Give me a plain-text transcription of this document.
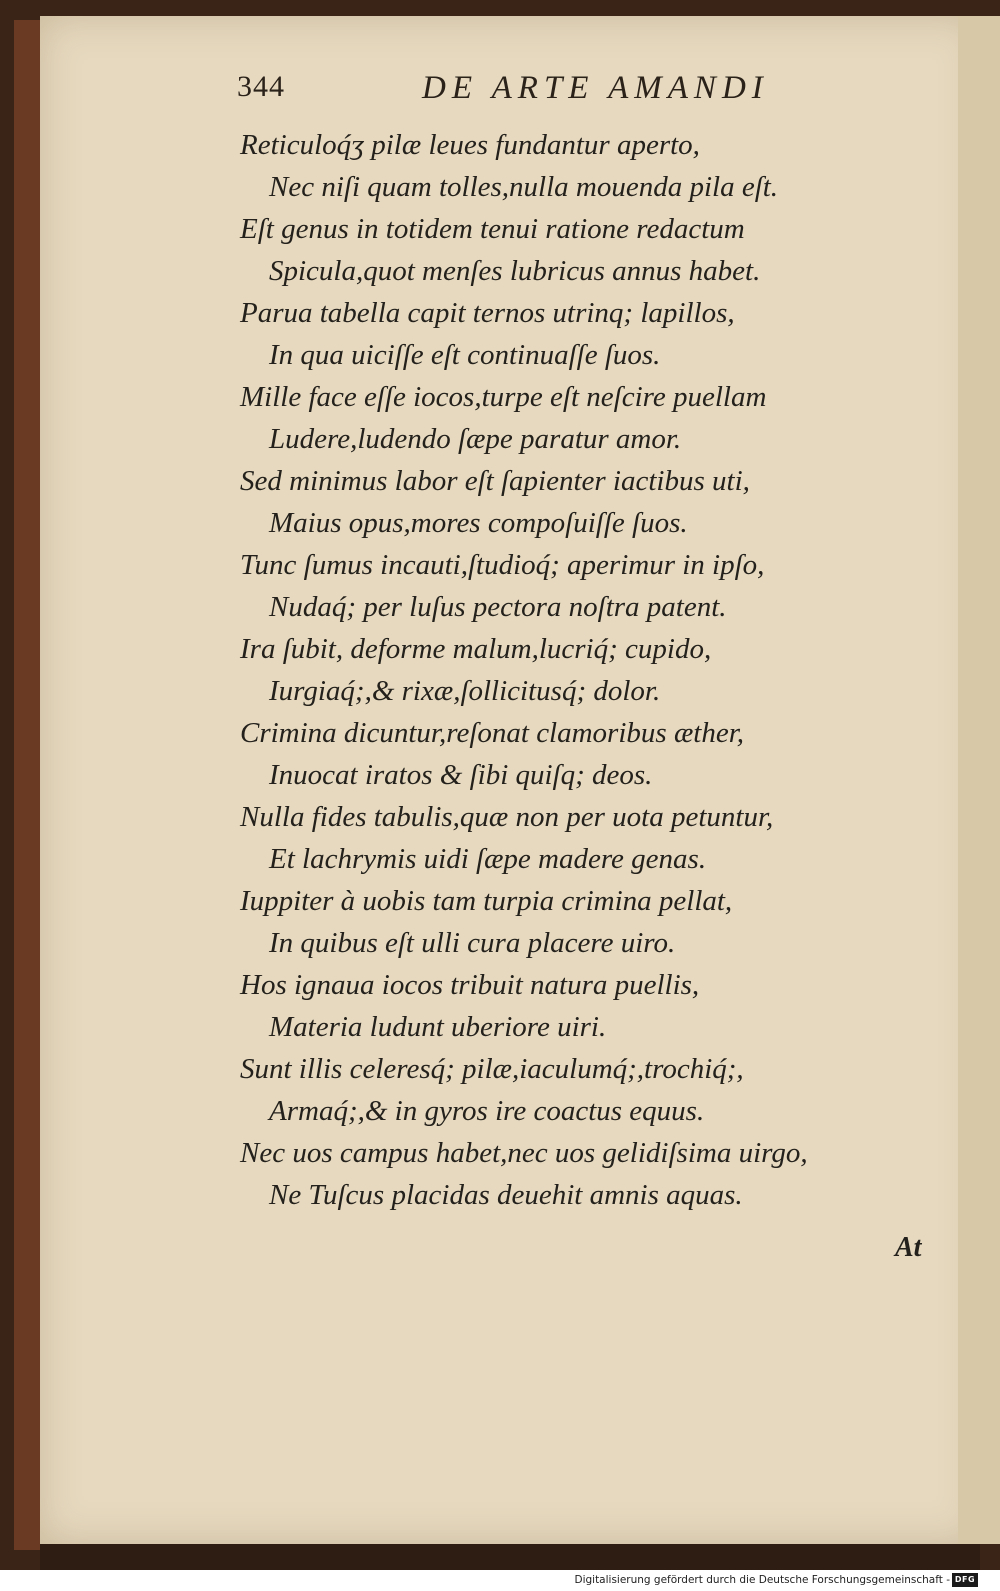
344	DE ARTE AMANDI
Reticuloq́ʒ pilæ leues fundantur aperto,
Nec niſi quam tolles,nulla mouenda pila eſt.
Eſt genus in totidem tenui ratione redactum
Spicula,quot menſes lubricus annus habet.
Parua tabella capit ternos utrinq; lapillos,
In qua uiciſſe eſt continuaſſe ſuos.
Mille face eſſe iocos,turpe eſt neſcire puellam
Ludere,ludendo ſæpe paratur amor.
Sed minimus labor eſt ſapienter iactibus uti,
Maius opus,mores compoſuiſſe ſuos.
Tunc ſumus incauti,ſtudioq́; aperimur in ipſo,
Nudaq́; per luſus pectora noſtra patent.
Ira ſubit, deforme malum,lucriq́; cupido,
Iurgiaq́;,& rixæ,ſollicitusq́; dolor.
Crimina dicuntur,reſonat clamoribus æther,
Inuocat iratos & ſibi quiſq; deos.
Nulla fides tabulis,quæ non per uota petuntur,
Et lachrymis uidi ſæpe madere genas.
Iuppiter à uobis tam turpia crimina pellat,
In quibus eſt ulli cura placere uiro.
Hos ignaua iocos tribuit natura puellis,
Materia ludunt uberiore uiri.
Sunt illis celeresq́; pilæ,iaculumq́;,trochiq́;,
Armaq́;,& in gyros ire coactus equus.
Nec uos campus habet,nec uos gelidiſsima uirgo,
Ne Tuſcus placidas deuehit amnis aquas.
At
Digitalisierung gefördert durch die Deutsche Forschungsgemeinschaft - DFG
